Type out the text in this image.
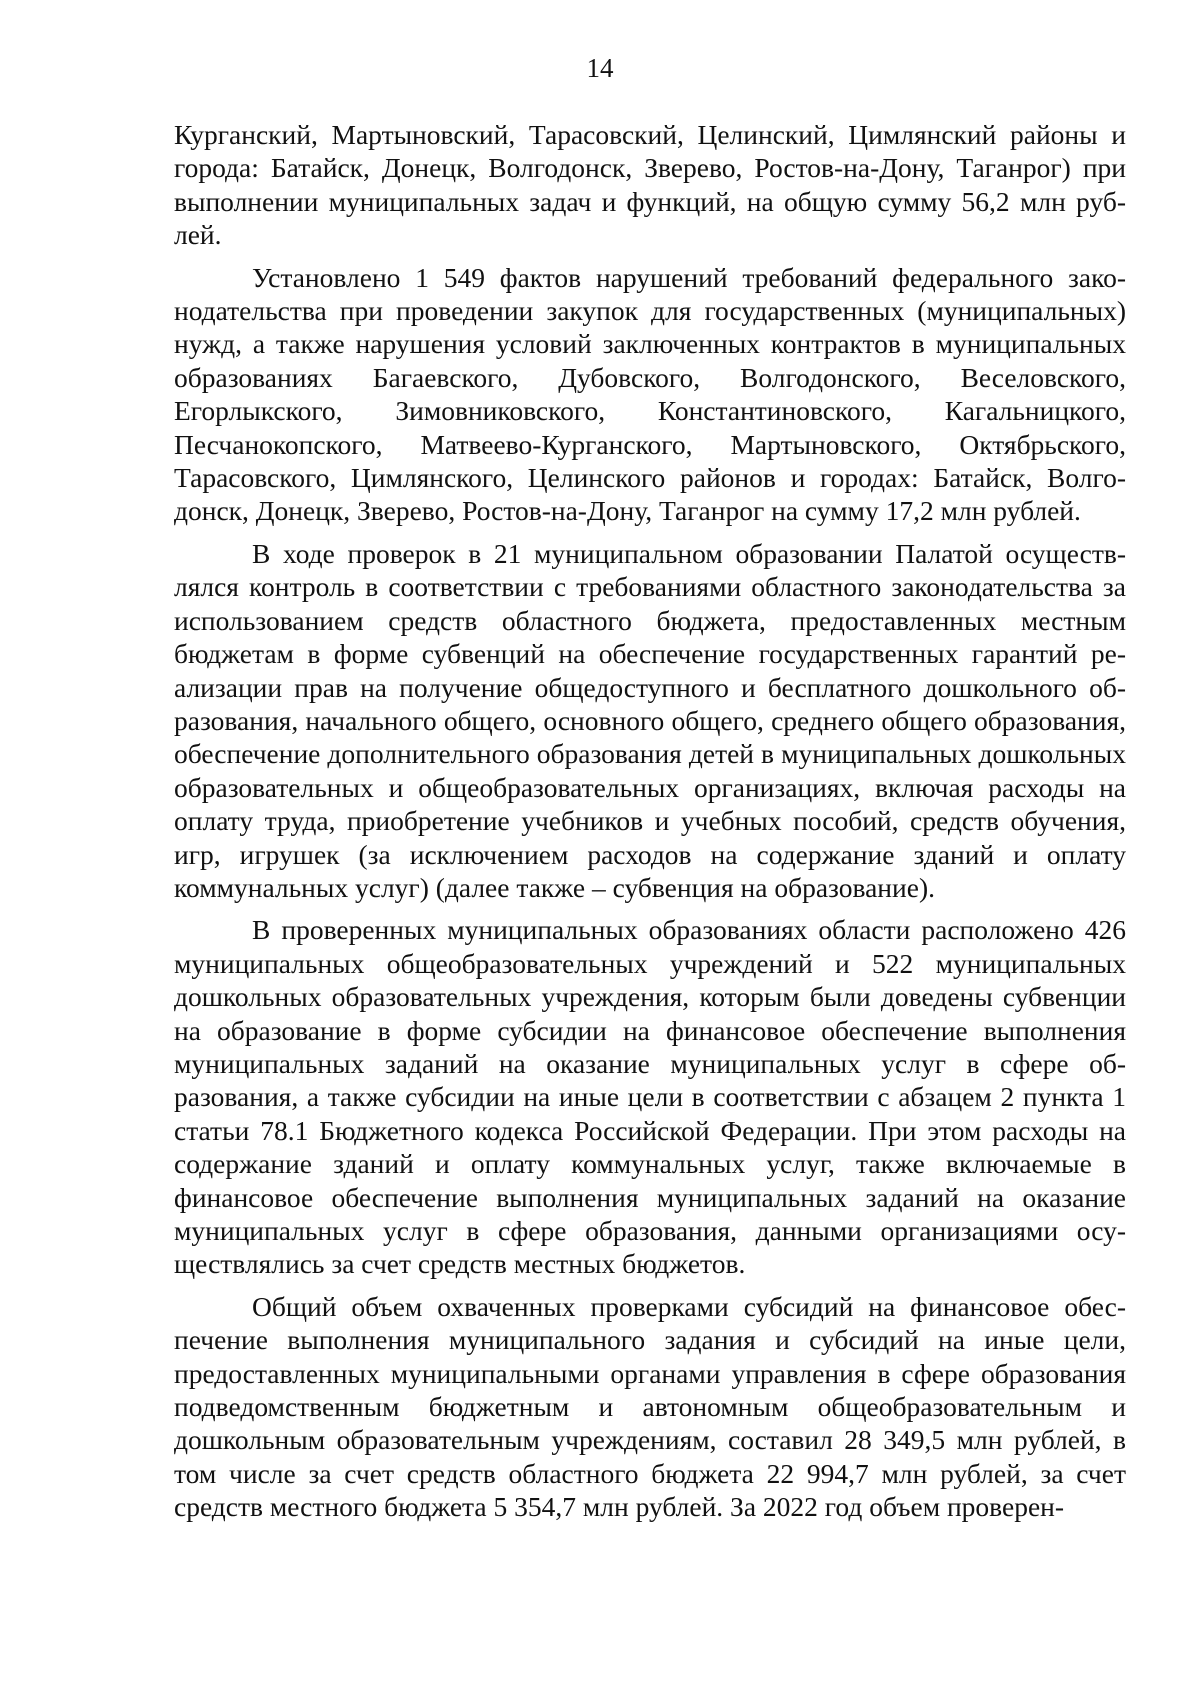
14

Курганский, Мартыновский, Тарасовский, Целинский, Цимлянский районы и города: Батайск, Донецк, Волгодонск, Зверево, Ростов-на-Дону, Таганрог) при выполнении муниципальных задач и функций, на общую сумму 56,2 млн рублей.

Установлено 1 549 фактов нарушений требований федерального законодательства при проведении закупок для государственных (муниципальных) нужд, а также нарушения условий заключенных контрактов в муниципальных образованиях Багаевского, Дубовского, Волгодонского, Веселовского, Егорлыкского, Зимовниковского, Константиновского, Кагальницкого, Песчанокопского, Матвеево-Курганского, Мартыновского, Октябрьского, Тарасовского, Цимлянского, Целинского районов и городах: Батайск, Волгодонск, Донецк, Зверево, Ростов-на-Дону, Таганрог на сумму 17,2 млн рублей.

В ходе проверок в 21 муниципальном образовании Палатой осуществлялся контроль в соответствии с требованиями областного законодательства за использованием средств областного бюджета, предоставленных местным бюджетам в форме субвенций на обеспечение государственных гарантий реализации прав на получение общедоступного и бесплатного дошкольного образования, начального общего, основного общего, среднего общего образования, обеспечение дополнительного образования детей в муниципальных дошкольных образовательных и общеобразовательных организациях, включая расходы на оплату труда, приобретение учебников и учебных пособий, средств обучения, игр, игрушек (за исключением расходов на содержание зданий и оплату коммунальных услуг) (далее также – субвенция на образование).

В проверенных муниципальных образованиях области расположено 426 муниципальных общеобразовательных учреждений и 522 муниципальных дошкольных образовательных учреждения, которым были доведены субвенции на образование в форме субсидии на финансовое обеспечение выполнения муниципальных заданий на оказание муниципальных услуг в сфере образования, а также субсидии на иные цели в соответствии с абзацем 2 пункта 1 статьи 78.1 Бюджетного кодекса Российской Федерации. При этом расходы на содержание зданий и оплату коммунальных услуг, также включаемые в финансовое обеспечение выполнения муниципальных заданий на оказание муниципальных услуг в сфере образования, данными организациями осуществлялись за счет средств местных бюджетов.

Общий объем охваченных проверками субсидий на финансовое обеспечение выполнения муниципального задания и субсидий на иные цели, предоставленных муниципальными органами управления в сфере образования подведомственным бюджетным и автономным общеобразовательным и дошкольным образовательным учреждениям, составил 28 349,5 млн рублей, в том числе за счет средств областного бюджета 22 994,7 млн рублей, за счет средств местного бюджета 5 354,7 млн рублей. За 2022 год объем проверен-
